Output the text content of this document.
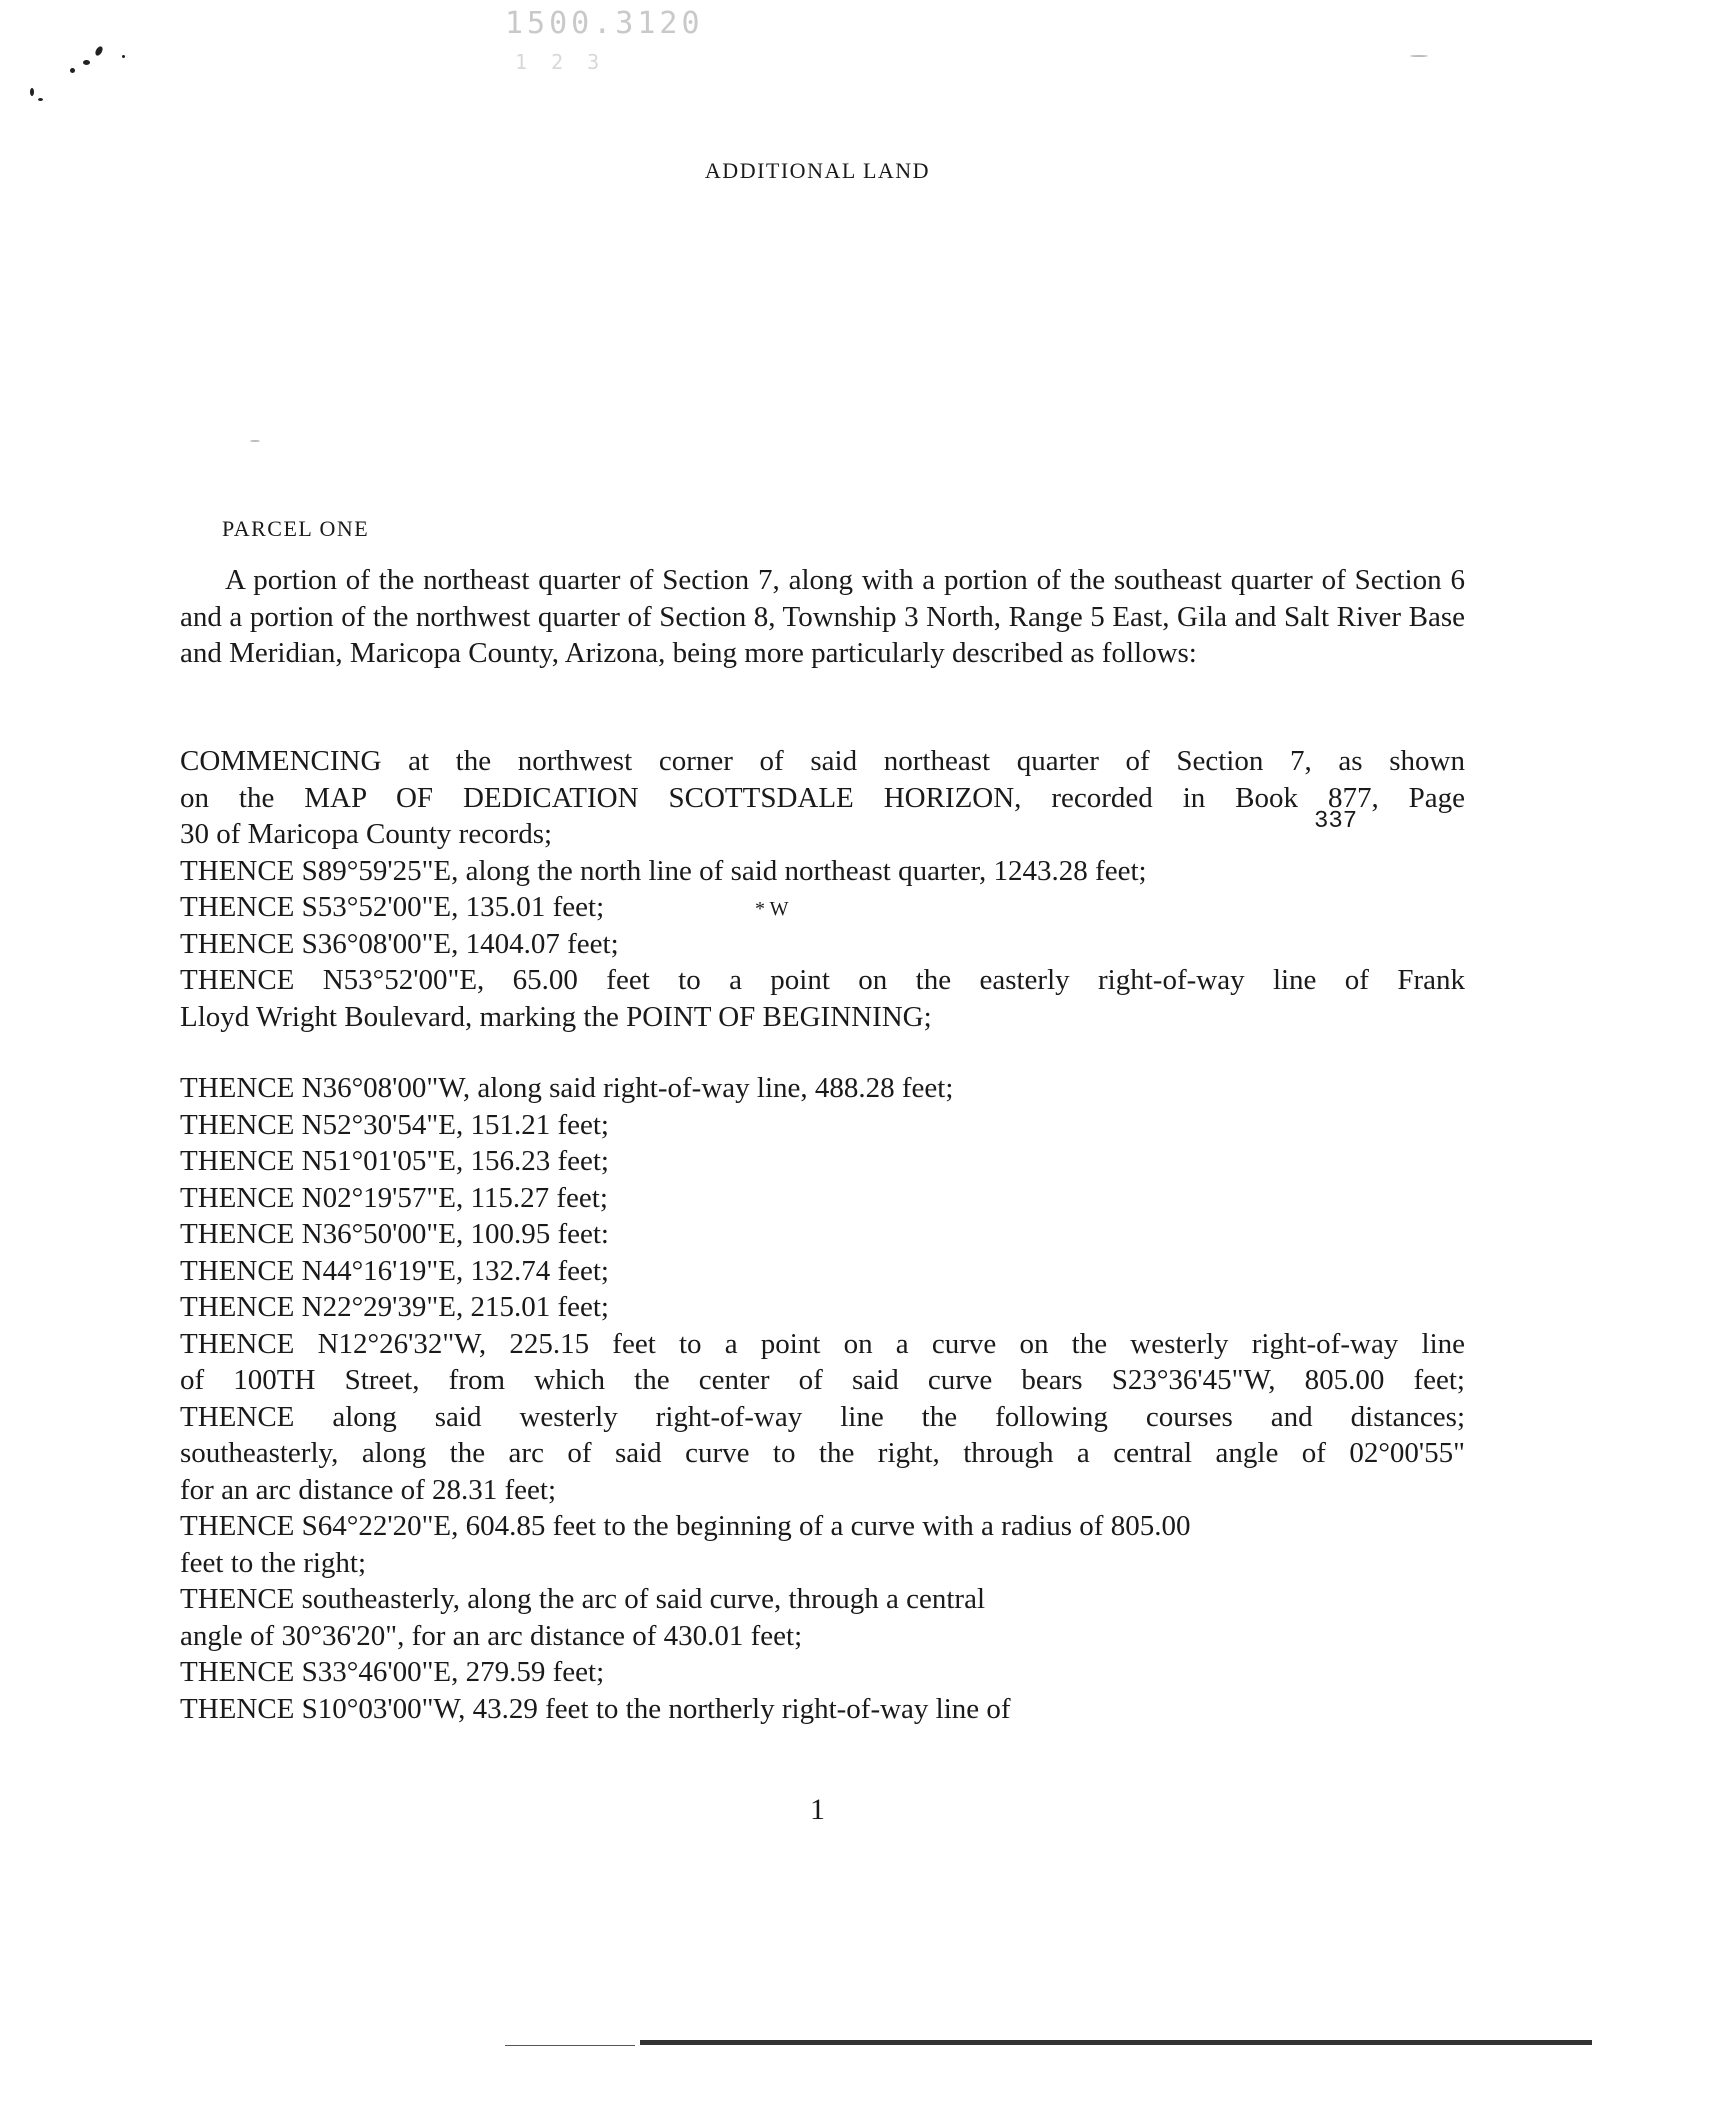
1500.3120
1 2 3
ADDITIONAL LAND
PARCEL ONE
A portion of the northeast quarter of Section 7, along with a portion of the southeast quarter of Section 6 and a portion of the northwest quarter of Section 8, Township 3 North, Range 5 East, Gila and Salt River Base and Meridian, Maricopa County, Arizona, being more particularly described as follows:
COMMENCING at the northwest corner of said northeast quarter of Section 7, as shown
on the MAP OF DEDICATION SCOTTSDALE HORIZON, recorded in Book 877, Page
30 of Maricopa County records;
THENCE S89°59'25"E, along the north line of said northeast quarter, 1243.28 feet;
THENCE S53°52'00"E, 135.01 feet;
THENCE S36°08'00"E, 1404.07 feet;
THENCE N53°52'00"E, 65.00 feet to a point on the easterly right-of-way line of Frank
Lloyd Wright Boulevard, marking the POINT OF BEGINNING;
337
* W
THENCE N36°08'00"W, along said right-of-way line, 488.28 feet;
THENCE N52°30'54"E, 151.21 feet;
THENCE N51°01'05"E, 156.23 feet;
THENCE N02°19'57"E, 115.27 feet;
THENCE N36°50'00"E, 100.95 feet:
THENCE N44°16'19"E, 132.74 feet;
THENCE N22°29'39"E, 215.01 feet;
THENCE N12°26'32"W, 225.15 feet to a point on a curve on the westerly right-of-way line
of 100TH Street, from which the center of said curve bears S23°36'45"W, 805.00 feet;
THENCE along said westerly right-of-way line the following courses and distances;
southeasterly, along the arc of said curve to the right, through a central angle of 02°00'55"
for an arc distance of 28.31 feet;
THENCE S64°22'20"E, 604.85 feet to the beginning of a curve with a radius of 805.00
feet to the right;
THENCE southeasterly, along the arc of said curve, through a central
angle of 30°36'20", for an arc distance of 430.01 feet;
THENCE S33°46'00"E, 279.59 feet;
THENCE S10°03'00"W, 43.29 feet to the northerly right-of-way line of
1
